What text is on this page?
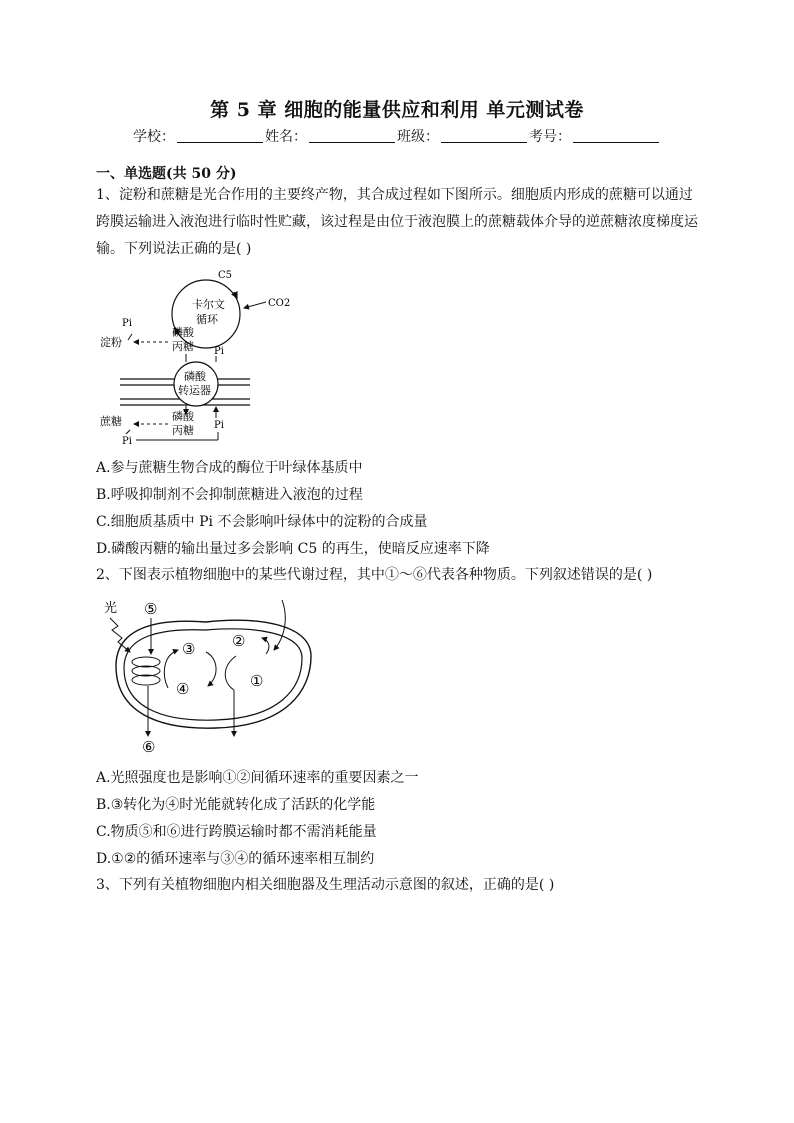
第 5 章 细胞的能量供应和利用 单元测试卷
学校：	姓名：	班级：	考号：
一、单选题(共 50 分)
1、淀粉和蔗糖是光合作用的主要终产物，其合成过程如下图所示。细胞质内形成的蔗糖可以通过跨膜运输进入液泡进行临时性贮藏，该过程是由位于液泡膜上的蔗糖载体介导的逆蔗糖浓度梯度运输。下列说法正确的是( )
C5
卡尔文
循环
CO2
Pi
淀粉
磷酸
丙糖 Pi
磷酸
转运器
蔗糖	磷酸
丙糖 Pi
Pi
A.参与蔗糖生物合成的酶位于叶绿体基质中
B.呼吸抑制剂不会抑制蔗糖进入液泡的过程
C.细胞质基质中 Pi 不会影响叶绿体中的淀粉的合成量
D.磷酸丙糖的输出量过多会影响 C5 的再生，使暗反应速率下降
2、下图表示植物细胞中的某些代谢过程，其中①～⑥代表各种物质。下列叙述错误的是( )
光 ⑤
③ ②
④	①
⑥
A.光照强度也是影响①②间循环速率的重要因素之一
B.③转化为④时光能就转化成了活跃的化学能
C.物质⑤和⑥进行跨膜运输时都不需消耗能量
D.①②的循环速率与③④的循环速率相互制约
3、下列有关植物细胞内相关细胞器及生理活动示意图的叙述，正确的是( )
